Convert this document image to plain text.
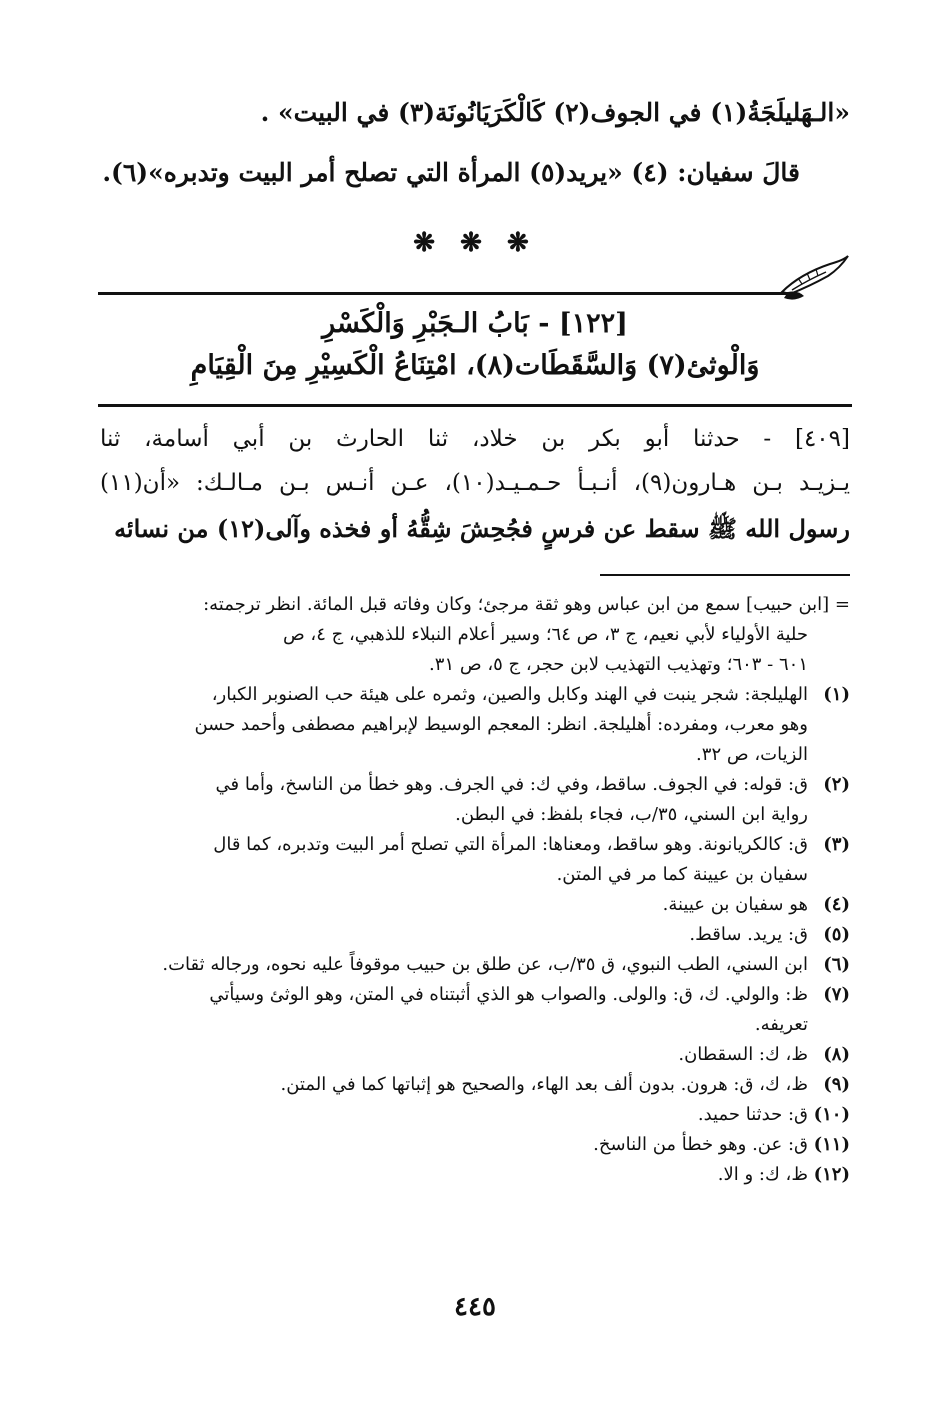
«الـهَليلَجَةُ(١) في الجوف(٢) كَالْكَرَيَانُونَة(٣) في البيت» .
قالَ سفيان: (٤) «يريد(٥) المرأة التي تصلح أمر البيت وتدبره»(٦).
❋ ❋ ❋
[١٢٢] - بَابُ الـجَبْرِ وَالْكَسْرِ
وَالْوثئ(٧) وَالسَّقَطَات(٨)، امْتِنَاعُ الْكَسِيْرِ مِنَ الْقِيَامِ
[٤٠٩] - حدثنا أبو بكر بن خلاد، ثنا الحارث بن أبي أسامة، ثنا
يـزيـد بـن هـارون(٩)، أنـبـأ حـمـيـد(١٠)، عـن أنـس بـن مـالـك: «أن(١١)
رسول الله ﷺ سقط عن فرسٍ فجُحِشَ شِقُّهُ أو فخذه وآلى(١٢) من نسائه
= [ابن حبيب] سمع من ابن عباس وهو ثقة مرجئ؛ وكان وفاته قبل المائة. انظر ترجمته:
حلية الأولياء لأبي نعيم، ج ٣، ص ٦٤؛ وسير أعلام النبلاء للذهبي، ج ٤، ص
٦٠١ - ٦٠٣؛ وتهذيب التهذيب لابن حجر، ج ٥، ص ٣١.
(١)الهليلجة: شجر ينبت في الهند وكابل والصين، وثمره على هيئة حب الصنوبر الكبار،
وهو معرب، ومفرده: أهليلجة. انظر: المعجم الوسيط لإبراهيم مصطفى وأحمد حسن
الزيات، ص ٣٢.
(٢)ق: قوله: في الجوف. ساقط، وفي ك: في الجرف. وهو خطأ من الناسخ، وأما في
رواية ابن السني، ٣٥/ب، فجاء بلفظ: في البطن.
(٣)ق: كالكريانونة. وهو ساقط، ومعناها: المرأة التي تصلح أمر البيت وتدبره، كما قال
سفيان بن عيينة كما مر في المتن.
(٤)هو سفيان بن عيينة.
(٥)ق: يريد. ساقط.
(٦)ابن السني، الطب النبوي، ق ٣٥/ب، عن طلق بن حبيب موقوفاً عليه نحوه، ورجاله ثقات.
(٧)ظ: والولي. ك، ق: والولى. والصواب هو الذي أثبتناه في المتن، وهو الوثئ وسيأتي
تعريفه.
(٨)ظ، ك: السقطان.
(٩)ظ، ك، ق: هرون. بدون ألف بعد الهاء، والصحيح هو إثباتها كما في المتن.
(١٠)ق: حدثنا حميد.
(١١)ق: عن. وهو خطأ من الناسخ.
(١٢)ظ، ك: و الا.
٤٤٥
